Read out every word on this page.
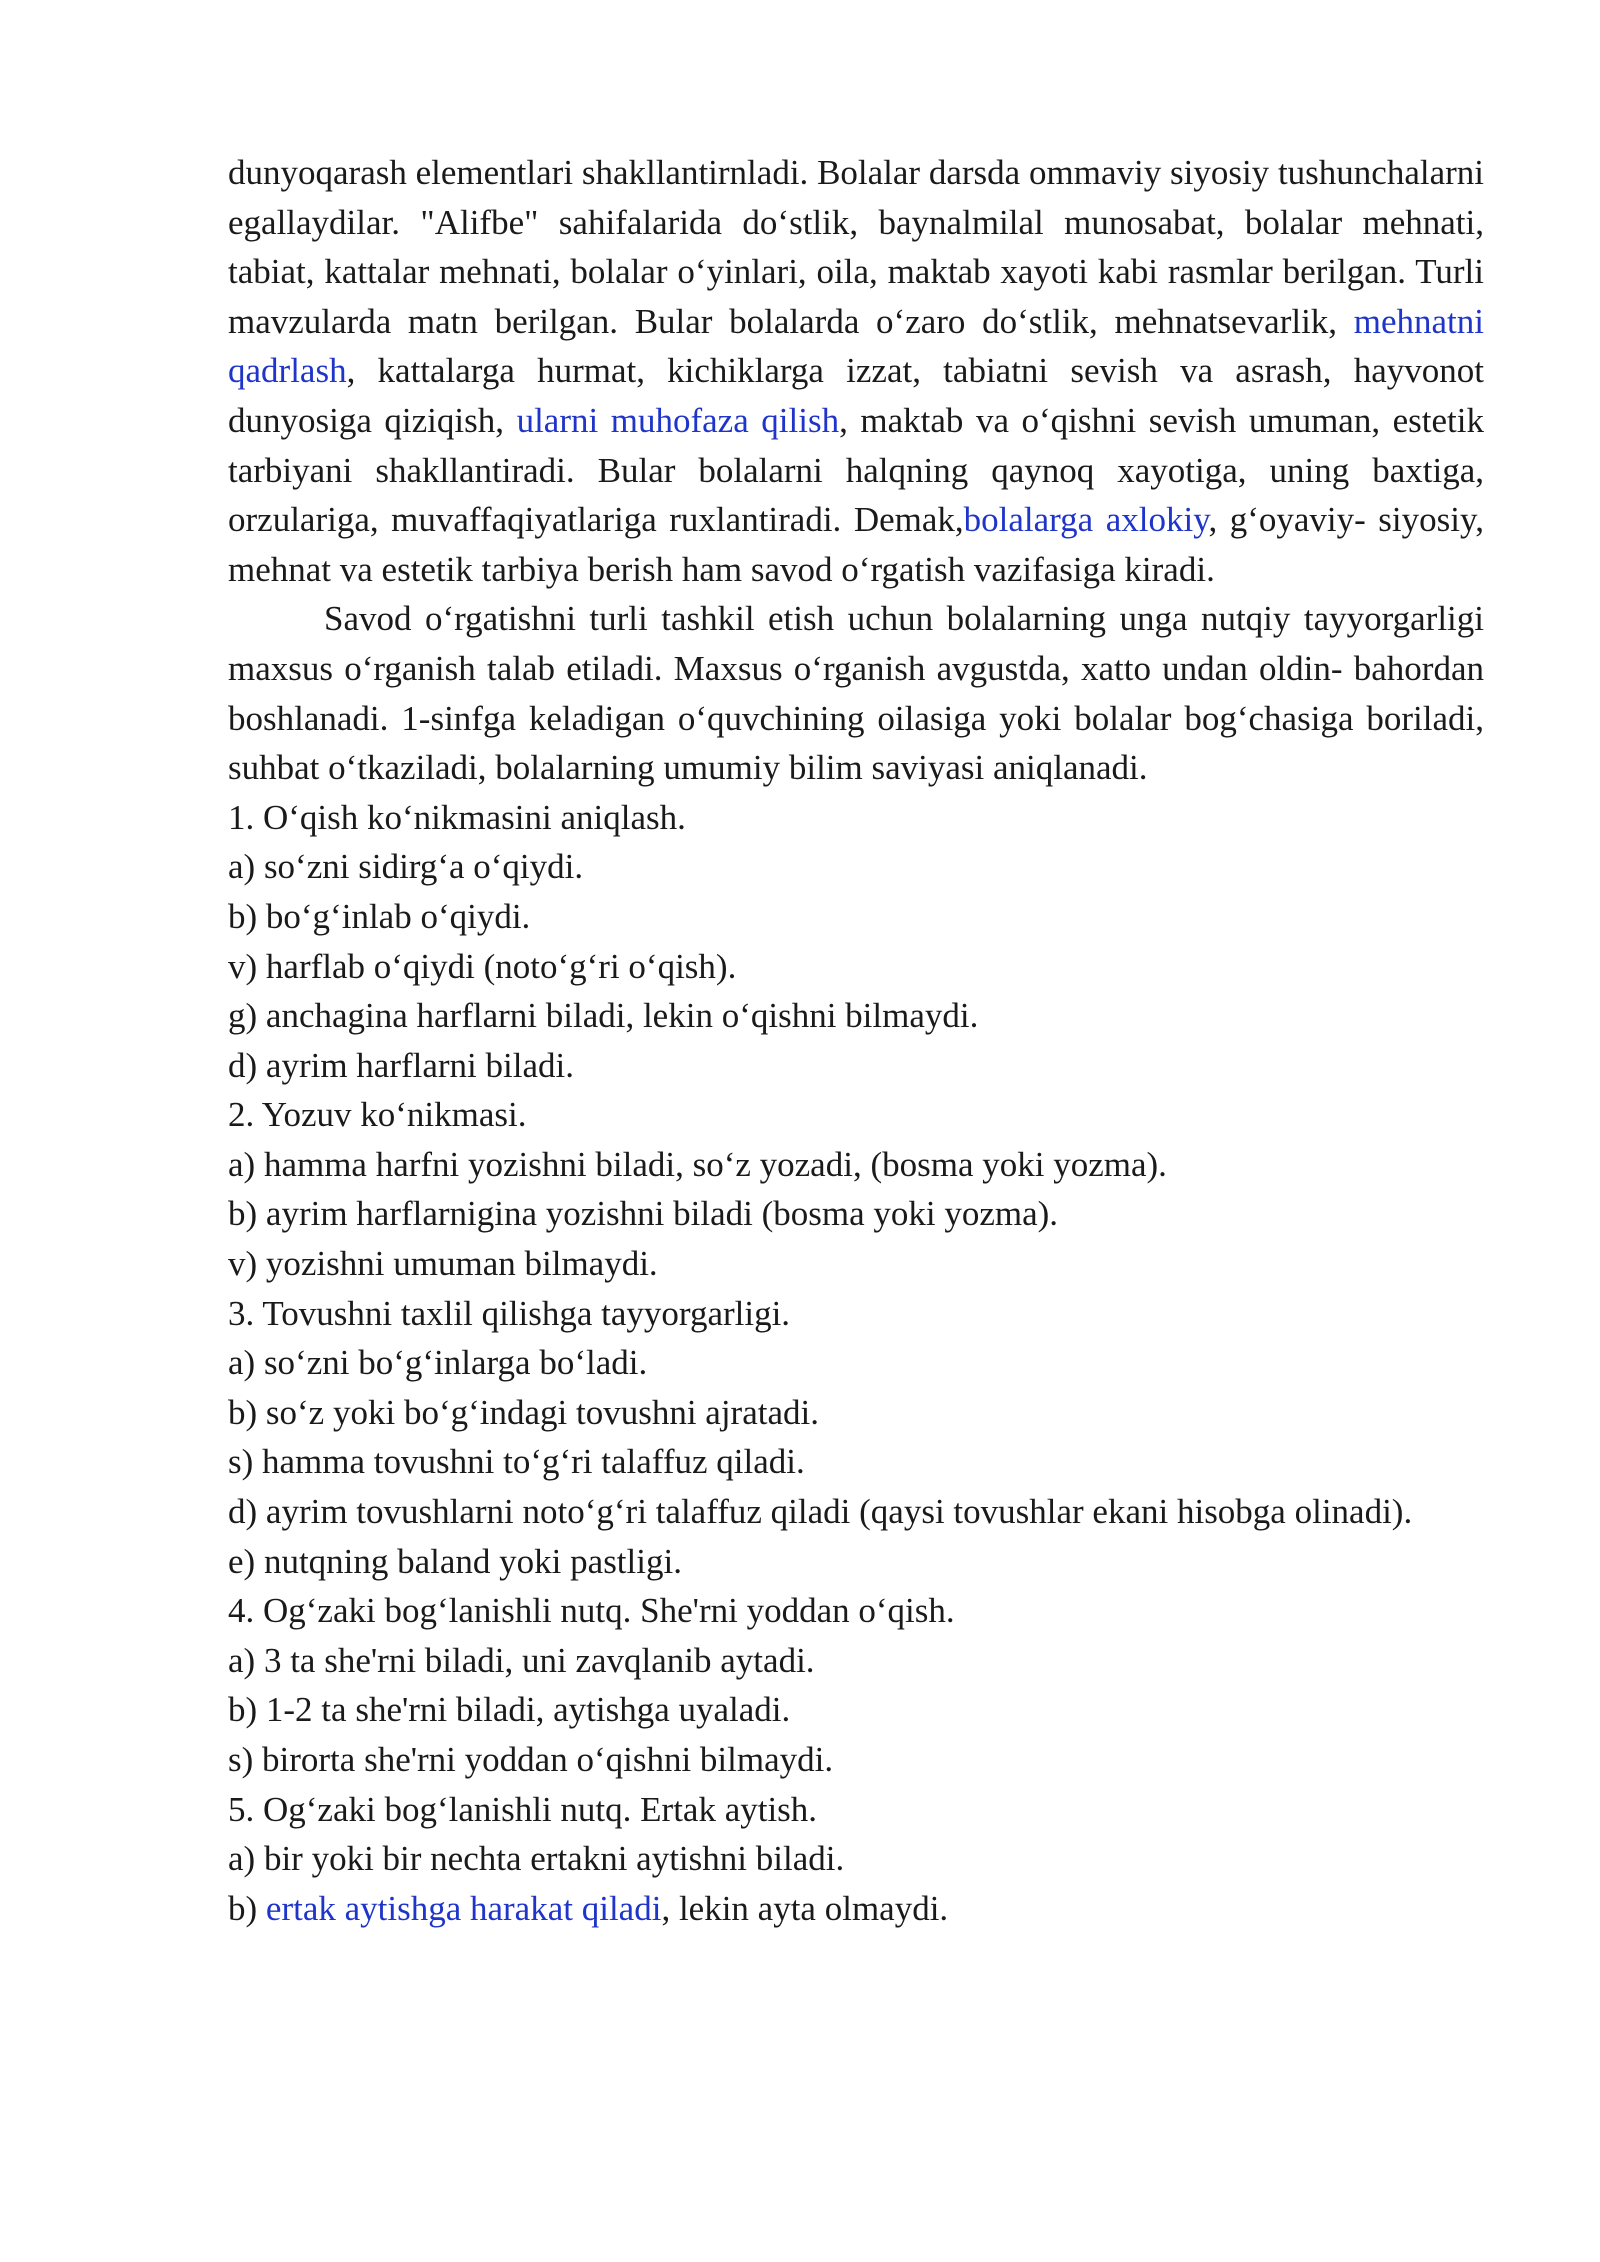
dunyoqarash elementlari shakllantirnladi. Bolalar darsda ommaviy siyosiy tushunchalarni egallaydilar. "Alifbe" sahifalarida do‘stlik, baynalmilal munosabat, bolalar mehnati, tabiat, kattalar mehnati, bolalar o‘yinlari, oila, maktab xayoti kabi rasmlar berilgan. Turli mavzularda matn berilgan. Bular bolalarda o‘zaro do‘stlik, mehnatsevarlik, mehnatni qadrlash, kattalarga hurmat, kichiklarga izzat, tabiatni sevish va asrash, hayvonot dunyosiga qiziqish, ularni muhofaza qilish, maktab va o‘qishni sevish umuman, estetik tarbiyani shakllantiradi. Bular bolalarni halqning qaynoq xayotiga, uning baxtiga, orzulariga, muvaffaqiyatlariga ruxlantiradi. Demak,bolalarga axlokiy, g‘oyaviy- siyosiy, mehnat va estetik tarbiya berish ham savod o‘rgatish vazifasiga kiradi.

Savod o‘rgatishni turli tashkil etish uchun bolalarning unga nutqiy tayyorgarligi maxsus o‘rganish talab etiladi. Maxsus o‘rganish avgustda, xatto undan oldin- bahordan boshlanadi. 1-sinfga keladigan o‘quvchining oilasiga yoki bolalar bog‘chasiga boriladi, suhbat o‘tkaziladi, bolalarning umumiy bilim saviyasi aniqlanadi.

1. O‘qish ko‘nikmasini aniqlash.

a) so‘zni sidirg‘a o‘qiydi.

b) bo‘g‘inlab o‘qiydi.

v) harflab o‘qiydi (noto‘g‘ri o‘qish).

g) anchagina harflarni biladi, lekin o‘qishni bilmaydi.

d) ayrim harflarni biladi.

2. Yozuv ko‘nikmasi.

a) hamma harfni yozishni biladi, so‘z yozadi, (bosma yoki yozma).

b) ayrim harflarnigina yozishni biladi (bosma yoki yozma).

v) yozishni umuman bilmaydi.

3. Tovushni taxlil qilishga tayyorgarligi.

a) so‘zni bo‘g‘inlarga bo‘ladi.

b) so‘z yoki bo‘g‘indagi tovushni ajratadi.

s) hamma tovushni to‘g‘ri talaffuz qiladi.

d) ayrim tovushlarni noto‘g‘ri talaffuz qiladi (qaysi tovushlar ekani hisobga olinadi).

e) nutqning baland yoki pastligi.

4. Og‘zaki bog‘lanishli nutq. She'rni yoddan o‘qish.

a) 3 ta she'rni biladi, uni zavqlanib aytadi.

b) 1-2 ta she'rni biladi, aytishga uyaladi.

s) birorta she'rni yoddan o‘qishni bilmaydi.

5. Og‘zaki bog‘lanishli nutq. Ertak aytish.

a) bir yoki bir nechta ertakni aytishni biladi.

b) ertak aytishga harakat qiladi, lekin ayta olmaydi.
